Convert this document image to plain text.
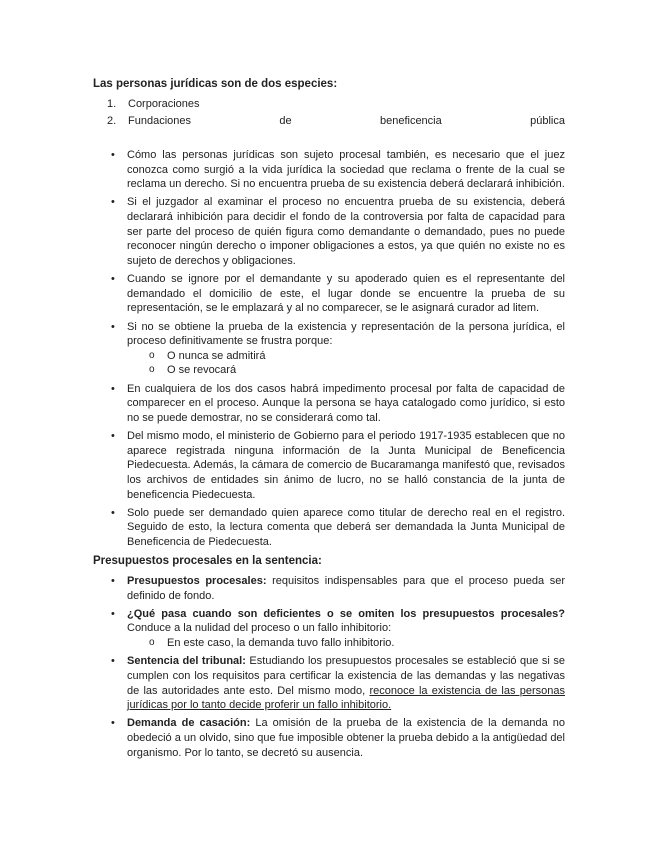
Las personas jurídicas son de dos especies:
1.	Corporaciones
2.	Fundaciones	de	beneficencia	pública
• Cómo las personas jurídicas son sujeto procesal también, es necesario que el juez conozca como surgió a la vida jurídica la sociedad que reclama o frente de la cual se reclama un derecho. Si no encuentra prueba de su existencia deberá declarará inhibición.
• Si el juzgador al examinar el proceso no encuentra prueba de su existencia, deberá declarará inhibición para decidir el fondo de la controversia por falta de capacidad para ser parte del proceso de quién figura como demandante o demandado, pues no puede reconocer ningún derecho o imponer obligaciones a estos, ya que quién no existe no es sujeto de derechos y obligaciones.
• Cuando se ignore por el demandante y su apoderado quien es el representante del demandado el domicilio de este, el lugar donde se encuentre la prueba de su representación, se le emplazará y al no comparecer, se le asignará curador ad litem.
• Si no se obtiene la prueba de la existencia y representación de la persona jurídica, el proceso definitivamente se frustra porque:
o O nunca se admitirá
o O se revocará
• En cualquiera de los dos casos habrá impedimento procesal por falta de capacidad de comparecer en el proceso. Aunque la persona se haya catalogado como jurídico, si esto no se puede demostrar, no se considerará como tal.
• Del mismo modo, el ministerio de Gobierno para el periodo 1917-1935 establecen que no aparece registrada ninguna información de la Junta Municipal de Beneficencia Piedecuesta. Además, la cámara de comercio de Bucaramanga manifestó que, revisados los archivos de entidades sin ánimo de lucro, no se halló constancia de la junta de beneficencia Piedecuesta.
• Solo puede ser demandado quien aparece como titular de derecho real en el registro. Seguido de esto, la lectura comenta que deberá ser demandada la Junta Municipal de Beneficencia de Piedecuesta.
Presupuestos procesales en la sentencia:
• Presupuestos procesales: requisitos indispensables para que el proceso pueda ser definido de fondo.
• ¿Qué pasa cuando son deficientes o se omiten los presupuestos procesales? Conduce a la nulidad del proceso o un fallo inhibitorio:
o En este caso, la demanda tuvo fallo inhibitorio.
• Sentencia del tribunal: Estudiando los presupuestos procesales se estableció que si se cumplen con los requisitos para certificar la existencia de las demandas y las negativas de las autoridades ante esto. Del mismo modo, reconoce la existencia de las personas jurídicas por lo tanto decide proferir un fallo inhibitorio.
• Demanda de casación: La omisión de la prueba de la existencia de la demanda no obedeció a un olvido, sino que fue imposible obtener la prueba debido a la antigüedad del organismo. Por lo tanto, se decretó su ausencia.
